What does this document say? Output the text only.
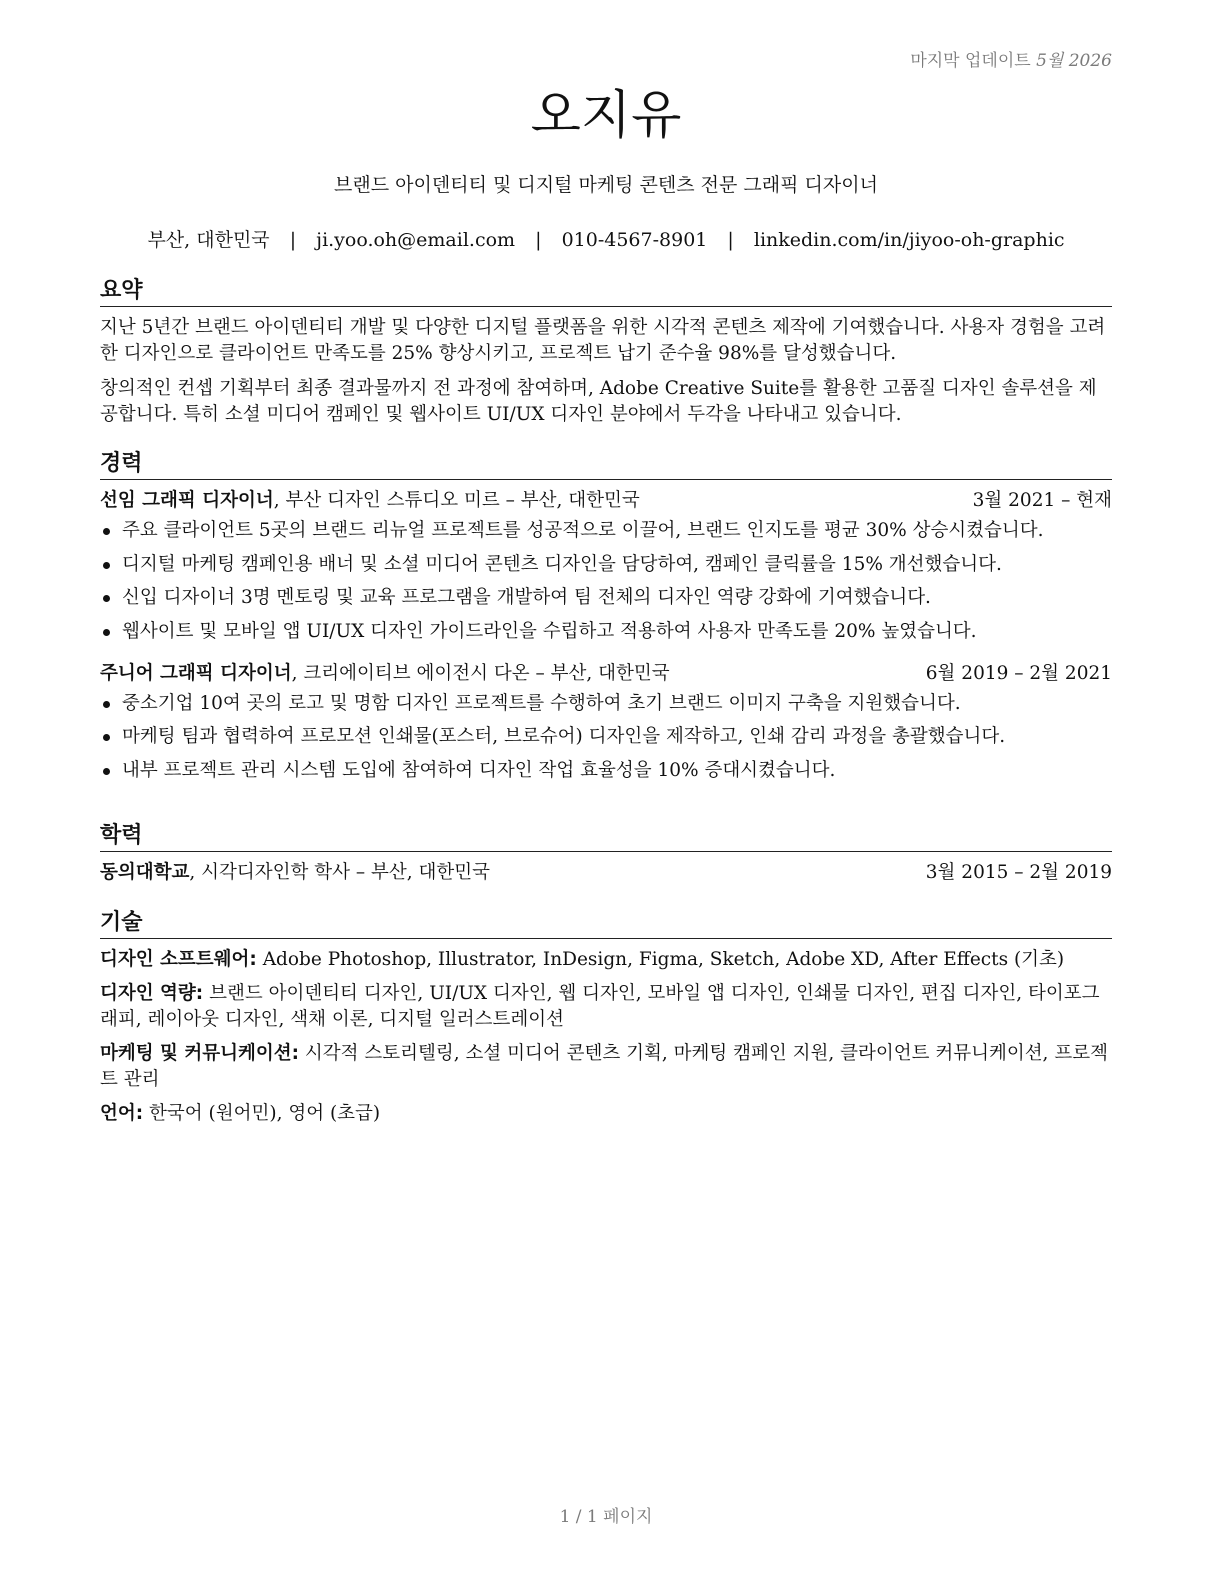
마지막 업데이트 5월 2026
오지유
브랜드 아이덴티티 및 디지털 마케팅 콘텐츠 전문 그래픽 디자이너
부산, 대한민국 | ji.yoo.oh@email.com | 010-4567-8901 | linkedin.com/in/jiyoo-oh-graphic
요약

지난 5년간 브랜드 아이덴티티 개발 및 다양한 디지털 플랫폼을 위한 시각적 콘텐츠 제작에 기여했습니다. 사용자 경험을 고려한 디자인으로 클라이언트 만족도를 25% 향상시키고, 프로젝트 납기 준수율 98%를 달성했습니다.

창의적인 컨셉 기획부터 최종 결과물까지 전 과정에 참여하며, Adobe Creative Suite를 활용한 고품질 디자인 솔루션을 제공합니다. 특히 소셜 미디어 캠페인 및 웹사이트 UI/UX 디자인 분야에서 두각을 나타내고 있습니다.

경력
선임 그래픽 디자이너, 부산 디자인 스튜디오 미르 – 부산, 대한민국	3월 2021 – 현재
주요 클라이언트 5곳의 브랜드 리뉴얼 프로젝트를 성공적으로 이끌어, 브랜드 인지도를 평균 30% 상승시켰습니다.
디지털 마케팅 캠페인용 배너 및 소셜 미디어 콘텐츠 디자인을 담당하여, 캠페인 클릭률을 15% 개선했습니다.
신입 디자이너 3명 멘토링 및 교육 프로그램을 개발하여 팀 전체의 디자인 역량 강화에 기여했습니다.
웹사이트 및 모바일 앱 UI/UX 디자인 가이드라인을 수립하고 적용하여 사용자 만족도를 20% 높였습니다.
주니어 그래픽 디자이너, 크리에이티브 에이전시 다온 – 부산, 대한민국	6월 2019 – 2월 2021
중소기업 10여 곳의 로고 및 명함 디자인 프로젝트를 수행하여 초기 브랜드 이미지 구축을 지원했습니다.
마케팅 팀과 협력하여 프로모션 인쇄물(포스터, 브로슈어) 디자인을 제작하고, 인쇄 감리 과정을 총괄했습니다.
내부 프로젝트 관리 시스템 도입에 참여하여 디자인 작업 효율성을 10% 증대시켰습니다.
학력
동의대학교, 시각디자인학 학사 – 부산, 대한민국	3월 2015 – 2월 2019
기술

디자인 소프트웨어: Adobe Photoshop, Illustrator, InDesign, Figma, Sketch, Adobe XD, After Effects (기초)

디자인 역량: 브랜드 아이덴티티 디자인, UI/UX 디자인, 웹 디자인, 모바일 앱 디자인, 인쇄물 디자인, 편집 디자인, 타이포그래피, 레이아웃 디자인, 색채 이론, 디지털 일러스트레이션

마케팅 및 커뮤니케이션: 시각적 스토리텔링, 소셜 미디어 콘텐츠 기획, 마케팅 캠페인 지원, 클라이언트 커뮤니케이션, 프로젝트 관리

언어: 한국어 (원어민), 영어 (초급)

1 / 1 페이지
